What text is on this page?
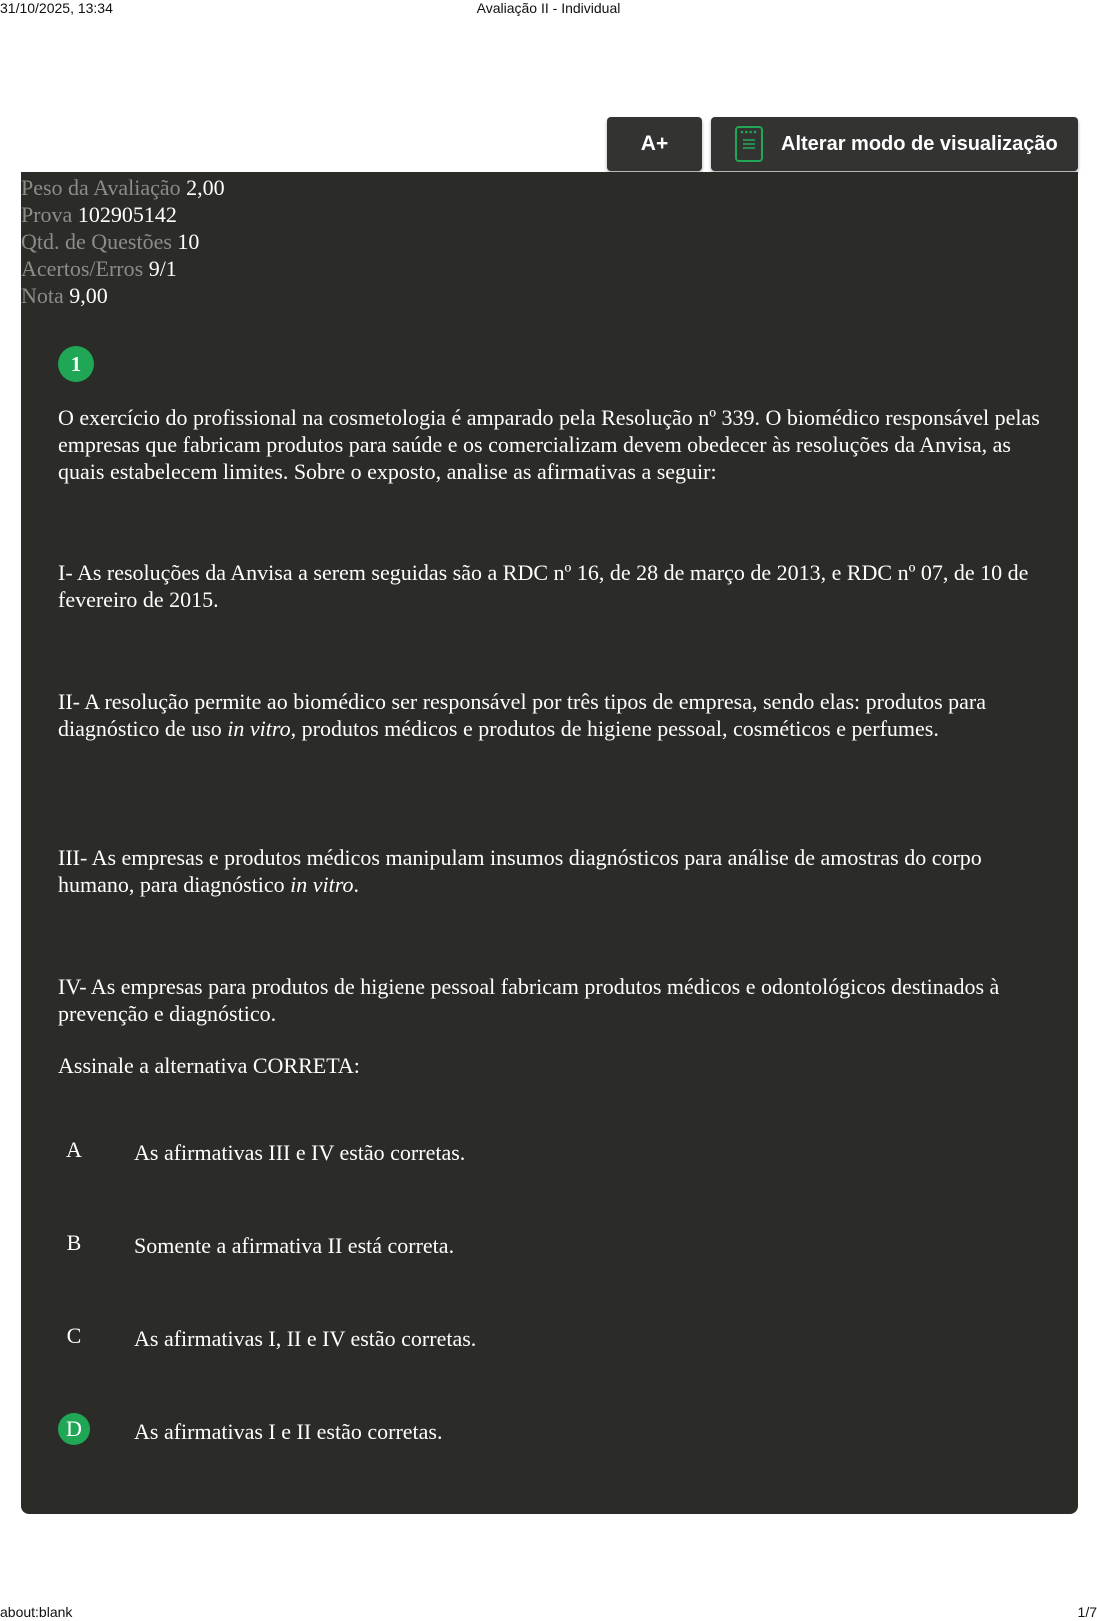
Avaliação II - Individual
31/10/2025, 13:34
A+	Alterar modo de visualização
Peso da Avaliação 2,00
Prova 102905142
Qtd. de Questões 10
Acertos/Erros 9/1
Nota 9,00
1

O exercício do profissional na cosmetologia é amparado pela Resolução nº 339. O biomédico responsável pelas empresas que fabricam produtos para saúde e os comercializam devem obedecer às resoluções da Anvisa, as quais estabelecem limites. Sobre o exposto, analise as afirmativas a seguir:

I- As resoluções da Anvisa a serem seguidas são a RDC nº 16, de 28 de março de 2013, e RDC nº 07, de 10 de fevereiro de 2015.

II- A resolução permite ao biomédico ser responsável por três tipos de empresa, sendo elas: produtos para diagnóstico de uso in vitro, produtos médicos e produtos de higiene pessoal, cosméticos e perfumes.

III- As empresas e produtos médicos manipulam insumos diagnósticos para análise de amostras do corpo humano, para diagnóstico in vitro.

IV- As empresas para produtos de higiene pessoal fabricam produtos médicos e odontológicos destinados à prevenção e diagnóstico.

Assinale a alternativa CORRETA:

A	As afirmativas III e IV estão corretas.
B	Somente a afirmativa II está correta.
C	As afirmativas I, II e IV estão corretas.
D	As afirmativas I e II estão corretas.
about:blank	1/7
